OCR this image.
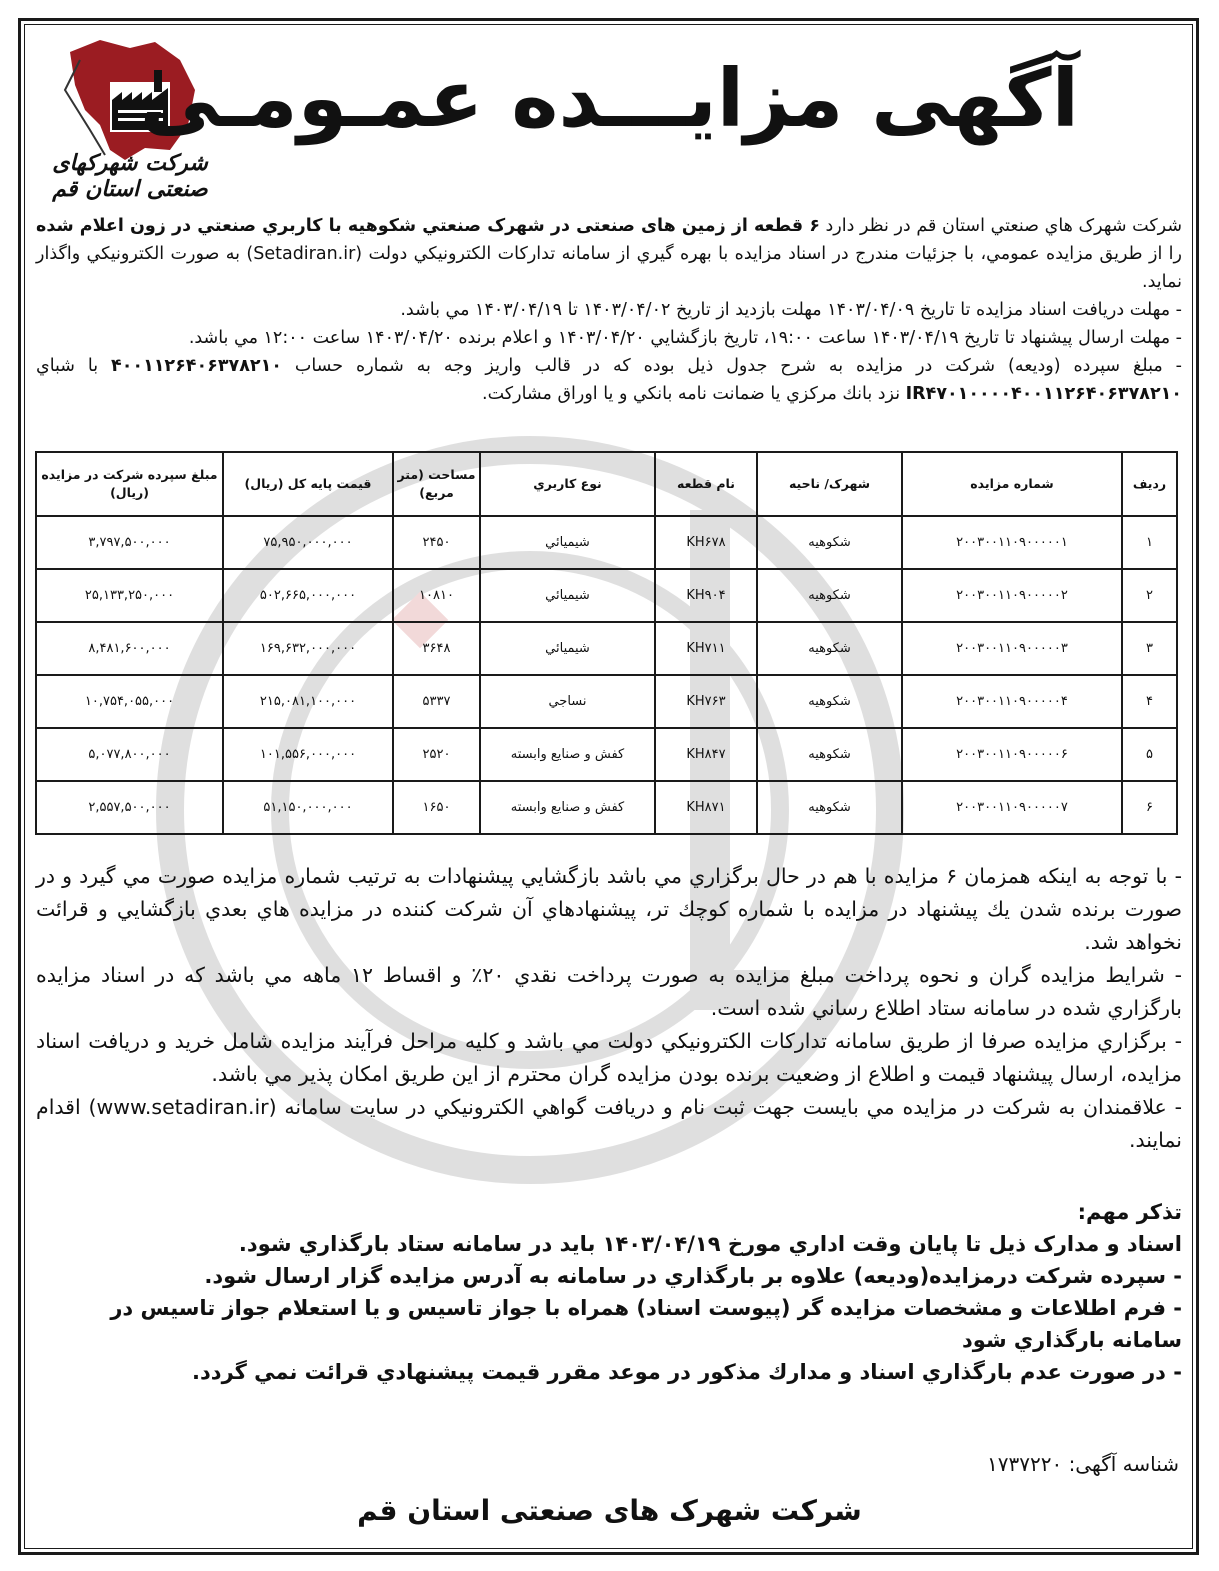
شرکت شهرکهای صنعتی استان قم
آگهی مزایـــده عمـومـی

شرکت شهرک هاي صنعتي استان قم در نظر دارد ۶ قطعه از زمین های صنعتی در شهرک صنعتي شکوهیه با کاربري صنعتي در زون اعلام شده را از طریق مزایده عمومي، با جزئیات مندرج در اسناد مزایده با بهره گیري از سامانه تدارکات الکترونیکي دولت (Setadiran.ir) به صورت الکترونیکي واگذار نماید.

- مهلت دریافت اسناد مزایده تا تاریخ ۱۴۰۳/۰۴/۰۹ مهلت بازدید از تاریخ ۱۴۰۳/۰۴/۰۲ تا ۱۴۰۳/۰۴/۱۹ مي باشد.

- مهلت ارسال پیشنهاد تا تاریخ ۱۴۰۳/۰۴/۱۹ ساعت ۱۹:۰۰، تاریخ بازگشایي ۱۴۰۳/۰۴/۲۰ و اعلام برنده ۱۴۰۳/۰۴/۲۰ ساعت ۱۲:۰۰ مي باشد.

- مبلغ سپرده (ودیعه) شرکت در مزایده به شرح جدول ذیل بوده که در قالب واریز وجه به شماره حساب ۴۰۰۱۱۲۶۴۰۶۳۷۸۲۱۰ با شباي IR۴۷۰۱۰۰۰۰۴۰۰۱۱۲۶۴۰۶۳۷۸۲۱۰ نزد بانك مرکزي یا ضمانت نامه بانکي و یا اوراق مشارکت.

ردیف	شماره مزایده	شهرک/ ناحیه	نام قطعه	نوع کاربري	مساحت (متر مربع)	قیمت پایه کل (ریال)	مبلغ سپرده شرکت در مزایده (ریال)
۱	۲۰۰۳۰۰۱۱۰۹۰۰۰۰۰۱	شکوهیه	KH۶۷۸	شیمیائي	۲۴۵۰	۷۵,۹۵۰,۰۰۰,۰۰۰	۳,۷۹۷,۵۰۰,۰۰۰
۲	۲۰۰۳۰۰۱۱۰۹۰۰۰۰۰۲	شکوهیه	KH۹۰۴	شیمیائي	۱۰۸۱۰	۵۰۲,۶۶۵,۰۰۰,۰۰۰	۲۵,۱۳۳,۲۵۰,۰۰۰
۳	۲۰۰۳۰۰۱۱۰۹۰۰۰۰۰۳	شکوهیه	KH۷۱۱	شیمیائي	۳۶۴۸	۱۶۹,۶۳۲,۰۰۰,۰۰۰	۸,۴۸۱,۶۰۰,۰۰۰
۴	۲۰۰۳۰۰۱۱۰۹۰۰۰۰۰۴	شکوهیه	KH۷۶۳	نساجي	۵۳۳۷	۲۱۵,۰۸۱,۱۰۰,۰۰۰	۱۰,۷۵۴,۰۵۵,۰۰۰
۵	۲۰۰۳۰۰۱۱۰۹۰۰۰۰۰۶	شکوهیه	KH۸۴۷	کفش و صنایع وابسته	۲۵۲۰	۱۰۱,۵۵۶,۰۰۰,۰۰۰	۵,۰۷۷,۸۰۰,۰۰۰
۶	۲۰۰۳۰۰۱۱۰۹۰۰۰۰۰۷	شکوهیه	KH۸۷۱	کفش و صنایع وابسته	۱۶۵۰	۵۱,۱۵۰,۰۰۰,۰۰۰	۲,۵۵۷,۵۰۰,۰۰۰

- با توجه به اینکه همزمان ۶ مزایده با هم در حال برگزاري مي باشد بازگشایي پیشنهادات به ترتیب شماره مزایده صورت مي گیرد و در صورت برنده شدن یك پیشنهاد در مزایده با شماره کوچك تر، پیشنهادهاي آن شرکت کننده در مزایده هاي بعدي بازگشایي و قرائت نخواهد شد.

- شرایط مزایده گران و نحوه پرداخت مبلغ مزایده به صورت پرداخت نقدي ۲۰٪ و اقساط ۱۲ ماهه مي باشد که در اسناد مزایده بارگزاري شده در سامانه ستاد اطلاع رساني شده است.

- برگزاري مزایده صرفا از طریق سامانه تدارکات الکترونیکي دولت مي باشد و کلیه مراحل فرآیند مزایده شامل خرید و دریافت اسناد مزایده، ارسال پیشنهاد قیمت و اطلاع از وضعیت برنده بودن مزایده گران محترم از این طریق امکان پذیر مي باشد.

- علاقمندان به شرکت در مزایده مي بایست جهت ثبت نام و دریافت گواهي الکترونیکي در سایت سامانه (www.setadiran.ir) اقدام نمایند.

تذکر مهم:

اسناد و مدارک ذیل تا پایان وقت اداري مورخ ۱۴۰۳/۰۴/۱۹ باید در سامانه ستاد بارگذاري شود.

- سپرده شرکت درمزایده(ودیعه) علاوه بر بارگذاري در سامانه به آدرس مزایده گزار ارسال شود.

- فرم اطلاعات و مشخصات مزایده گر (پیوست اسناد) همراه با جواز تاسیس و یا استعلام جواز تاسیس در سامانه بارگذاري شود

- در صورت عدم بارگذاري اسناد و مدارك مذکور در موعد مقرر قیمت پیشنهادي قرائت نمي گردد.

شناسه آگهی: ۱۷۳۷۲۲۰
شرکت شهرک های صنعتی استان قم
